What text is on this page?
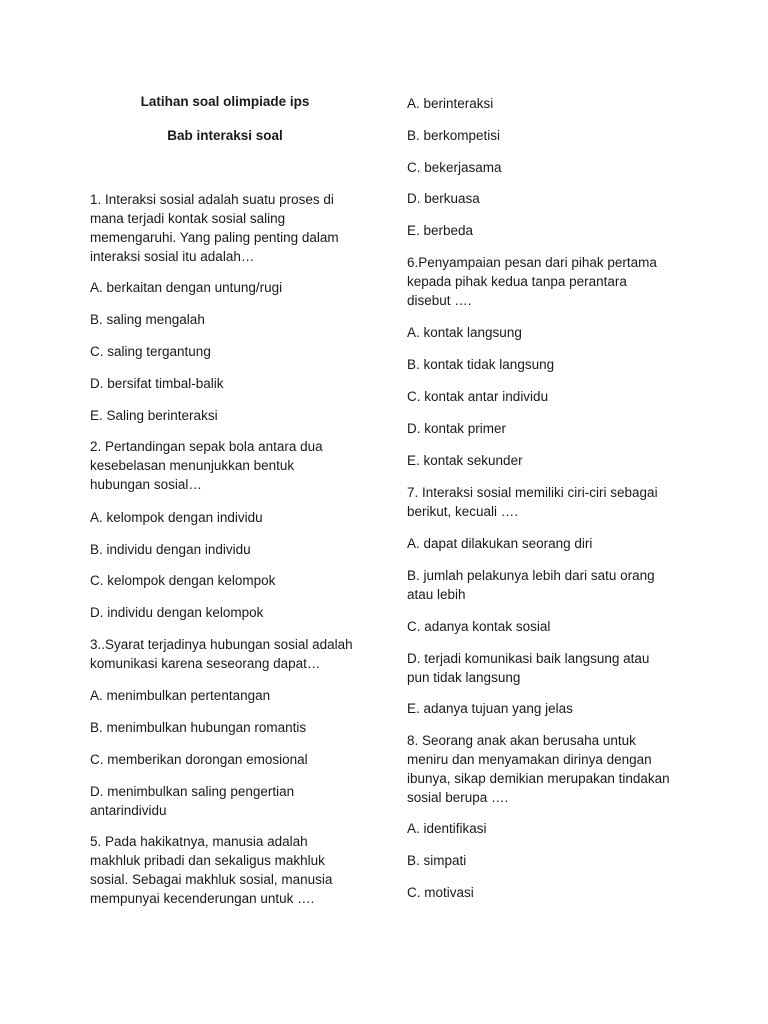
Latihan soal olimpiade ips
Bab interaksi soal
1. Interaksi sosial adalah suatu proses di
mana terjadi kontak sosial saling
memengaruhi. Yang paling penting dalam
interaksi sosial itu adalah…
A. berkaitan dengan untung/rugi
B. saling mengalah
C. saling tergantung
D. bersifat timbal-balik
E. Saling berinteraksi
2. Pertandingan sepak bola antara dua
kesebelasan menunjukkan bentuk
hubungan sosial…
A. kelompok dengan individu
B. individu dengan individu
C. kelompok dengan kelompok
D. individu dengan kelompok
3..Syarat terjadinya hubungan sosial adalah
komunikasi karena seseorang dapat…
A. menimbulkan pertentangan
B. menimbulkan hubungan romantis
C. memberikan dorongan emosional
D. menimbulkan saling pengertian
antarindividu
5. Pada hakikatnya, manusia adalah
makhluk pribadi dan sekaligus makhluk
sosial. Sebagai makhluk sosial, manusia
mempunyai kecenderungan untuk ….
A. berinteraksi
B. berkompetisi
C. bekerjasama
D. berkuasa
E. berbeda
6.Penyampaian pesan dari pihak pertama
kepada pihak kedua tanpa perantara
disebut ….
A. kontak langsung
B. kontak tidak langsung
C. kontak antar individu
D. kontak primer
E. kontak sekunder
7. Interaksi sosial memiliki ciri-ciri sebagai
berikut, kecuali ….
A. dapat dilakukan seorang diri
B. jumlah pelakunya lebih dari satu orang
atau lebih
C. adanya kontak sosial
D. terjadi komunikasi baik langsung atau
pun tidak langsung
E. adanya tujuan yang jelas
8. Seorang anak akan berusaha untuk
meniru dan menyamakan dirinya dengan
ibunya, sikap demikian merupakan tindakan
sosial berupa ….
A. identifikasi
B. simpati
C. motivasi
